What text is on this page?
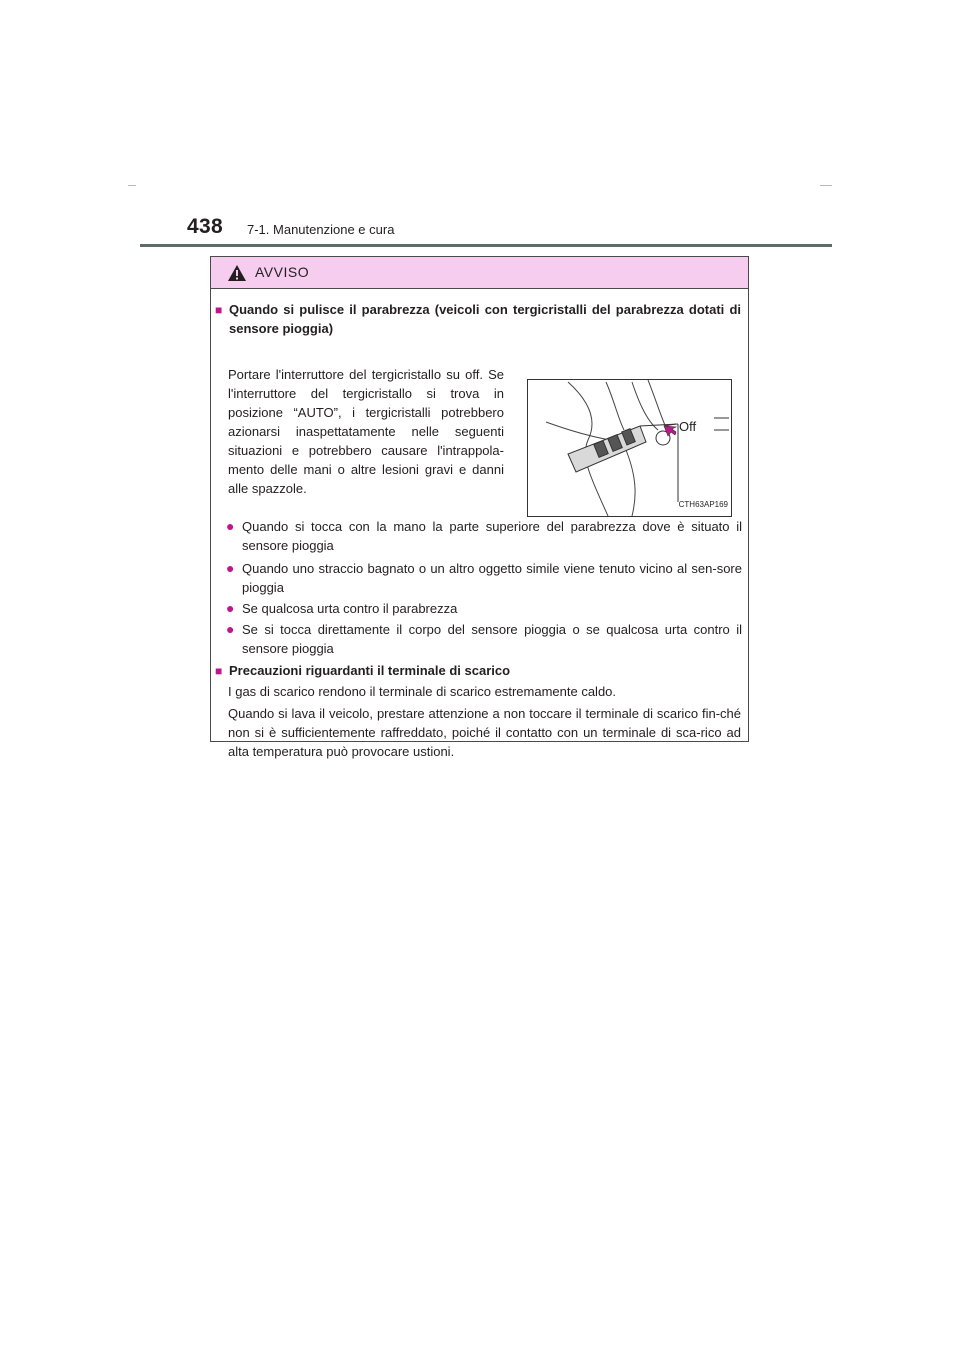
438 7-1. Manutenzione e cura
AVVISO
■ Quando si pulisce il parabrezza (veicoli con tergicristalli del parabrezza dotati di sensore pioggia)
Portare l'interruttore del tergicristallo su off. Se l'interruttore del tergicristallo si trova in posizione “AUTO”, i tergicristalli potrebbero azionarsi inaspettatamente nelle seguenti situazioni e potrebbero causare l'intrappola-mento delle mani o altre lesioni gravi e danni alle spazzole.
Off
CTH63AP169
● Quando si tocca con la mano la parte superiore del parabrezza dove è situato il sensore pioggia
● Quando uno straccio bagnato o un altro oggetto simile viene tenuto vicino al sen-sore pioggia
● Se qualcosa urta contro il parabrezza
● Se si tocca direttamente il corpo del sensore pioggia o se qualcosa urta contro il sensore pioggia
■ Precauzioni riguardanti il terminale di scarico
I gas di scarico rendono il terminale di scarico estremamente caldo.
Quando si lava il veicolo, prestare attenzione a non toccare il terminale di scarico fin-ché non si è sufficientemente raffreddato, poiché il contatto con un terminale di sca-rico ad alta temperatura può provocare ustioni.
